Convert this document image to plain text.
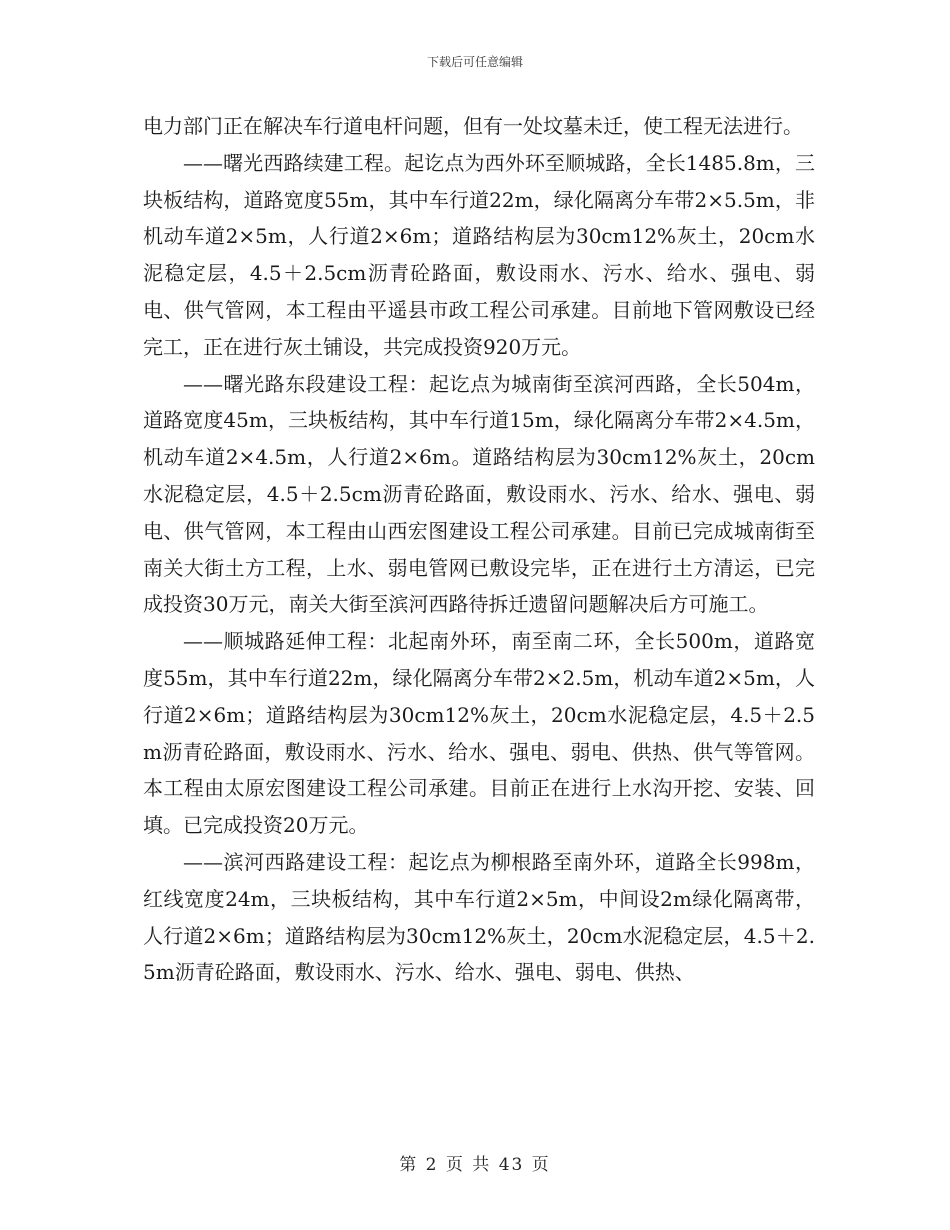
下载后可任意编辑

电力部门正在解决车行道电杆问题，但有一处坟墓未迁，使工程无法进行。

——曙光西路续建工程。起讫点为西外环至顺城路，全长1485.8m，三块板结构，道路宽度55m，其中车行道22m，绿化隔离分车带2×5.5m，非机动车道2×5m，人行道2×6m；道路结构层为30cm12%灰土，20cm水泥稳定层，4.5＋2.5cm沥青砼路面，敷设雨水、污水、给水、强电、弱电、供气管网，本工程由平遥县市政工程公司承建。目前地下管网敷设已经完工，正在进行灰土铺设，共完成投资920万元。

——曙光路东段建设工程：起讫点为城南街至滨河西路，全长504m，道路宽度45m，三块板结构，其中车行道15m，绿化隔离分车带2×4.5m，机动车道2×4.5m，人行道2×6m。道路结构层为30cm12%灰土，20cm水泥稳定层，4.5＋2.5cm沥青砼路面，敷设雨水、污水、给水、强电、弱电、供气管网，本工程由山西宏图建设工程公司承建。目前已完成城南街至南关大街土方工程，上水、弱电管网已敷设完毕，正在进行土方清运，已完成投资30万元，南关大街至滨河西路待拆迁遗留问题解决后方可施工。

——顺城路延伸工程：北起南外环，南至南二环，全长500m，道路宽度55m，其中车行道22m，绿化隔离分车带2×2.5m，机动车道2×5m，人行道2×6m；道路结构层为30cm12%灰土，20cm水泥稳定层，4.5＋2.5m沥青砼路面，敷设雨水、污水、给水、强电、弱电、供热、供气等管网。本工程由太原宏图建设工程公司承建。目前正在进行上水沟开挖、安装、回填。已完成投资20万元。

——滨河西路建设工程：起讫点为柳根路至南外环，道路全长998m，红线宽度24m，三块板结构，其中车行道2×5m，中间设2m绿化隔离带，人行道2×6m；道路结构层为30cm12%灰土，20cm水泥稳定层，4.5＋2.5m沥青砼路面，敷设雨水、污水、给水、强电、弱电、供热、

第 2 页 共 43 页
